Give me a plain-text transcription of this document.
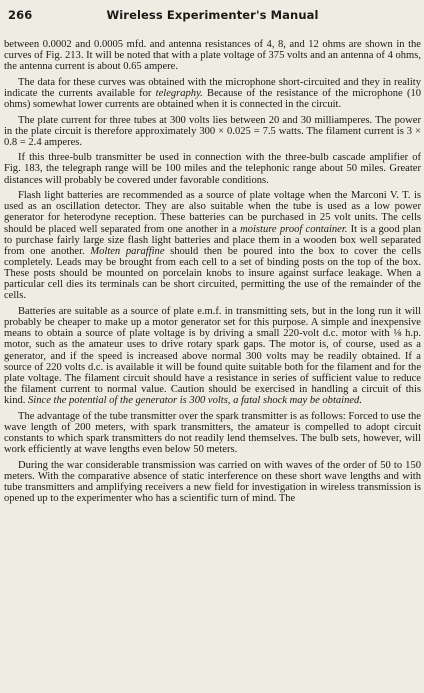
266	Wireless Experimenter's Manual

between 0.0002 and 0.0005 mfd. and antenna resistances of 4, 8, and 12 ohms are shown in the curves of Fig. 213. It will be noted that with a plate voltage of 375 volts and an antenna of 4 ohms, the antenna current is about 0.65 ampere.

The data for these curves was obtained with the microphone short-circuited and they in reality indicate the currents available for telegraphy. Because of the resistance of the microphone (10 ohms) somewhat lower currents are obtained when it is connected in the circuit.

The plate current for three tubes at 300 volts lies between 20 and 30 milliamperes. The power in the plate circuit is therefore approximately 300 × 0.025 = 7.5 watts. The filament current is 3 × 0.8 = 2.4 amperes.

If this three-bulb transmitter be used in connection with the three-bulb cascade amplifier of Fig. 183, the telegraph range will be 100 miles and the telephonic range about 50 miles. Greater distances will probably be covered under favorable conditions.

Flash light batteries are recommended as a source of plate voltage when the Marconi V. T. is used as an oscillation detector. They are also suitable when the tube is used as a low power generator for heterodyne reception. These batteries can be purchased in 25 volt units. The cells should be placed well separated from one another in a moisture proof container. It is a good plan to purchase fairly large size flash light batteries and place them in a wooden box well separated from one another. Molten paraffine should then be poured into the box to cover the cells completely. Leads may be brought from each cell to a set of binding posts on the top of the box. These posts should be mounted on porcelain knobs to insure against surface leakage. When a particular cell dies its terminals can be short circuited, permitting the use of the remainder of the cells.

Batteries are suitable as a source of plate e.m.f. in transmitting sets, but in the long run it will probably be cheaper to make up a motor generator set for this purpose. A simple and inexpensive means to obtain a source of plate voltage is by driving a small 220-volt d.c. motor with ⅛ h.p. motor, such as the amateur uses to drive rotary spark gaps. The motor is, of course, used as a generator, and if the speed is increased above normal 300 volts may be readily obtained. If a source of 220 volts d.c. is available it will be found quite suitable both for the filament and for the plate voltage. The filament circuit should have a resistance in series of sufficient value to reduce the filament current to normal value. Caution should be exercised in handling a circuit of this kind. Since the potential of the generator is 300 volts, a fatal shock may be obtained.

The advantage of the tube transmitter over the spark transmitter is as follows: Forced to use the wave length of 200 meters, with spark transmitters, the amateur is compelled to adopt circuit constants to which spark transmitters do not readily lend themselves. The bulb sets, however, will work efficiently at wave lengths even below 50 meters.

During the war considerable transmission was carried on with waves of the order of 50 to 150 meters. With the comparative absence of static interference on these short wave lengths and with tube transmitters and amplifying receivers a new field for investigation in wireless transmission is opened up to the experimenter who has a scientific turn of mind. The
